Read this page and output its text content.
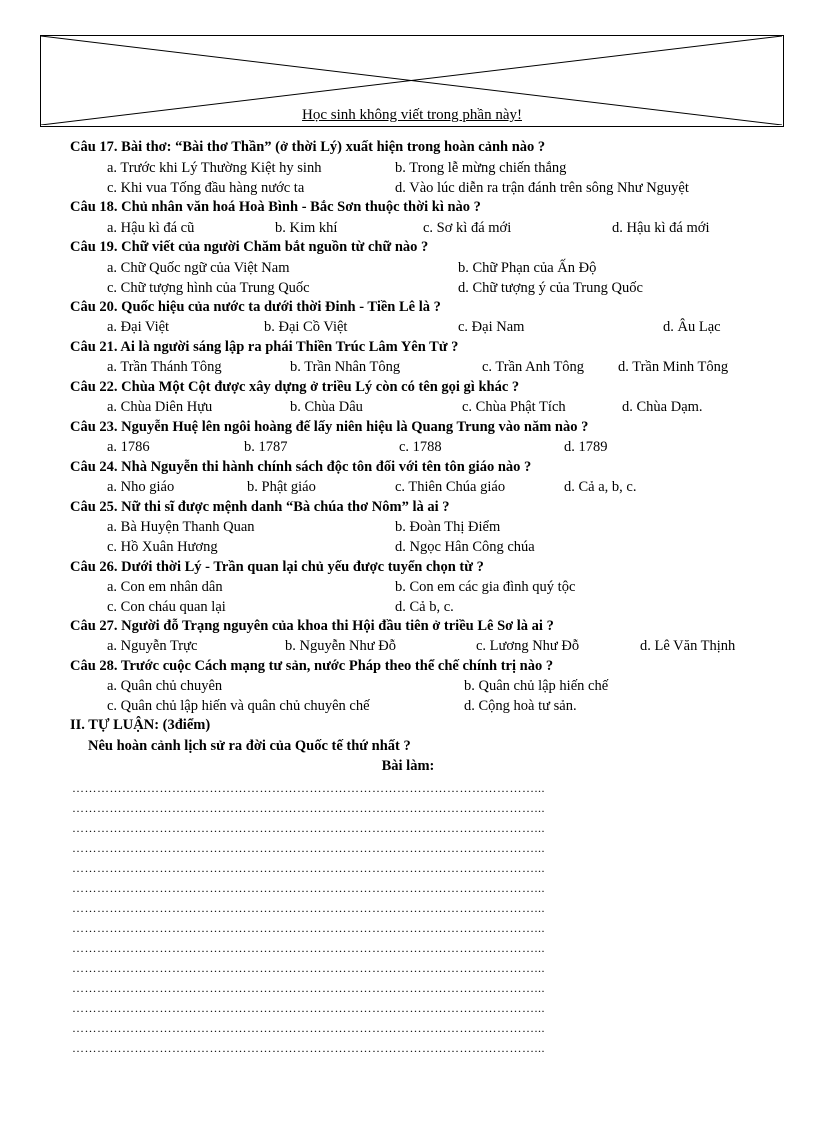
Học sinh không viết trong phần này!
Câu 17. Bài thơ: “Bài thơ Thần” (ở thời Lý) xuất hiện trong hoàn cảnh nào ?
a. Trước khi Lý Thường Kiệt hy sinh	b. Trong lễ mừng chiến thắng
c. Khi vua Tống đầu hàng nước ta	d. Vào lúc diễn ra trận đánh trên sông Như Nguyệt
Câu 18. Chủ nhân văn hoá Hoà Bình - Bắc Sơn thuộc thời kì nào ?
a. Hậu kì đá cũ	b. Kim khí	c. Sơ kì đá mới	d. Hậu kì đá mới
Câu 19. Chữ viết của người Chăm bắt nguồn từ chữ nào ?
a. Chữ Quốc ngữ của Việt Nam	b. Chữ Phạn của Ấn Độ
c. Chữ tượng hình của Trung Quốc	d. Chữ tượng ý của Trung Quốc
Câu 20. Quốc hiệu của nước ta dưới thời Đinh - Tiền Lê là ?
a. Đại Việt	b. Đại Cồ Việt	c. Đại Nam	d. Âu Lạc
Câu 21. Ai là người sáng lập ra phái Thiền Trúc Lâm Yên Tử ?
a. Trần Thánh Tông	b. Trần Nhân Tông	c. Trần Anh Tông d. Trần Minh Tông
Câu 22. Chùa Một Cột được xây dựng ở triều Lý còn có tên gọi gì khác ?
a. Chùa Diên Hựu	b. Chùa Dâu	c. Chùa Phật Tích	d. Chùa Dạm.
Câu 23. Nguyễn Huệ lên ngôi hoàng đế lấy niên hiệu là Quang Trung vào năm nào ?
a. 1786	b. 1787	c. 1788	d. 1789
Câu 24. Nhà Nguyễn thi hành chính sách độc tôn đối với tên tôn giáo nào ?
a. Nho giáo	b. Phật giáo	c. Thiên Chúa giáo	d. Cả a, b, c.
Câu 25. Nữ thi sĩ được mệnh danh “Bà chúa thơ Nôm” là ai ?
a. Bà Huyện Thanh Quan	b. Đoàn Thị Điểm
c. Hồ Xuân Hương	d. Ngọc Hân Công chúa
Câu 26. Dưới thời Lý - Trần quan lại chủ yếu được tuyển chọn từ ?
a. Con em nhân dân	b. Con em các gia đình quý tộc
c. Con cháu quan lại	d. Cả b, c.
Câu 27. Người đỗ Trạng nguyên của khoa thi Hội đầu tiên ở triều Lê Sơ là ai ?
a. Nguyễn Trực	b. Nguyễn Như Đỗ	c. Lương Như Đỗ	d. Lê Văn Thịnh
Câu 28. Trước cuộc Cách mạng tư sản, nước Pháp theo thể chế chính trị nào ?
a. Quân chủ chuyên	b. Quân chủ lập hiến chế
c. Quân chủ lập hiến và quân chủ chuyên chế	d. Cộng hoà tư sản.
II. TỰ LUẬN: (3điểm)
Nêu hoàn cảnh lịch sử ra đời của Quốc tế thứ nhất ?
Bài làm:
…………………………………………………………………………………………………...
…………………………………………………………………………………………………...
…………………………………………………………………………………………………...
…………………………………………………………………………………………………...
…………………………………………………………………………………………………...
…………………………………………………………………………………………………...
…………………………………………………………………………………………………...
…………………………………………………………………………………………………...
…………………………………………………………………………………………………...
…………………………………………………………………………………………………...
…………………………………………………………………………………………………...
…………………………………………………………………………………………………...
…………………………………………………………………………………………………...
…………………………………………………………………………………………………...
